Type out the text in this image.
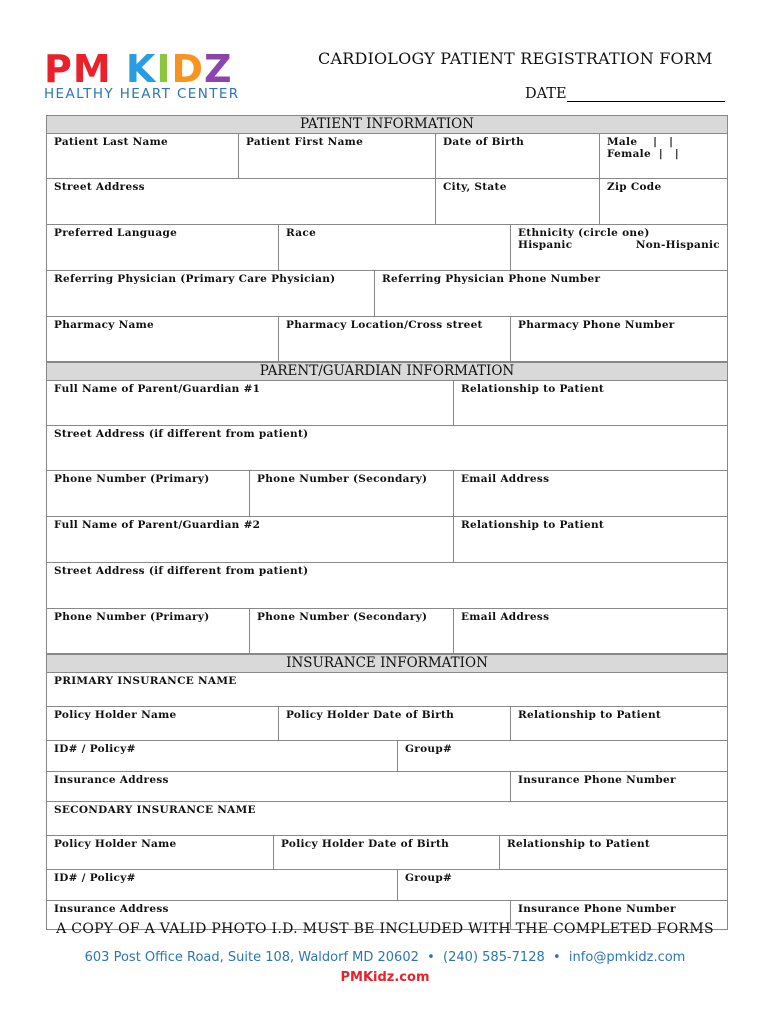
PM KIDZ
HEALTHY HEART CENTER
CARDIOLOGY PATIENT REGISTRATION FORM
DATE
PATIENT INFORMATION
Patient Last Name	Patient First Name	Date of Birth	Male    |   |
Female  |   |
Street Address	City, State	Zip Code
Preferred Language	Race	Ethnicity (circle one)
Hispanic	Non-Hispanic
Referring Physician (Primary Care Physician)	Referring Physician Phone Number
Pharmacy Name	Pharmacy Location/Cross street	Pharmacy Phone Number
PARENT/GUARDIAN INFORMATION
Full Name of Parent/Guardian #1	Relationship to Patient
Street Address (if different from patient)
Phone Number (Primary)	Phone Number (Secondary)	Email Address
Full Name of Parent/Guardian #2	Relationship to Patient
Street Address (if different from patient)
Phone Number (Primary)	Phone Number (Secondary)	Email Address
INSURANCE INFORMATION
PRIMARY INSURANCE NAME
Policy Holder Name	Policy Holder Date of Birth	Relationship to Patient
ID# / Policy#	Group#
Insurance Address	Insurance Phone Number
SECONDARY INSURANCE NAME
Policy Holder Name	Policy Holder Date of Birth	Relationship to Patient
ID# / Policy#	Group#
Insurance Address	Insurance Phone Number
A COPY OF A VALID PHOTO I.D. MUST BE INCLUDED WITH THE COMPLETED FORMS
603 Post Office Road, Suite 108, Waldorf MD 20602  •  (240) 585-7128  •  info@pmkidz.com
PMKidz.com
